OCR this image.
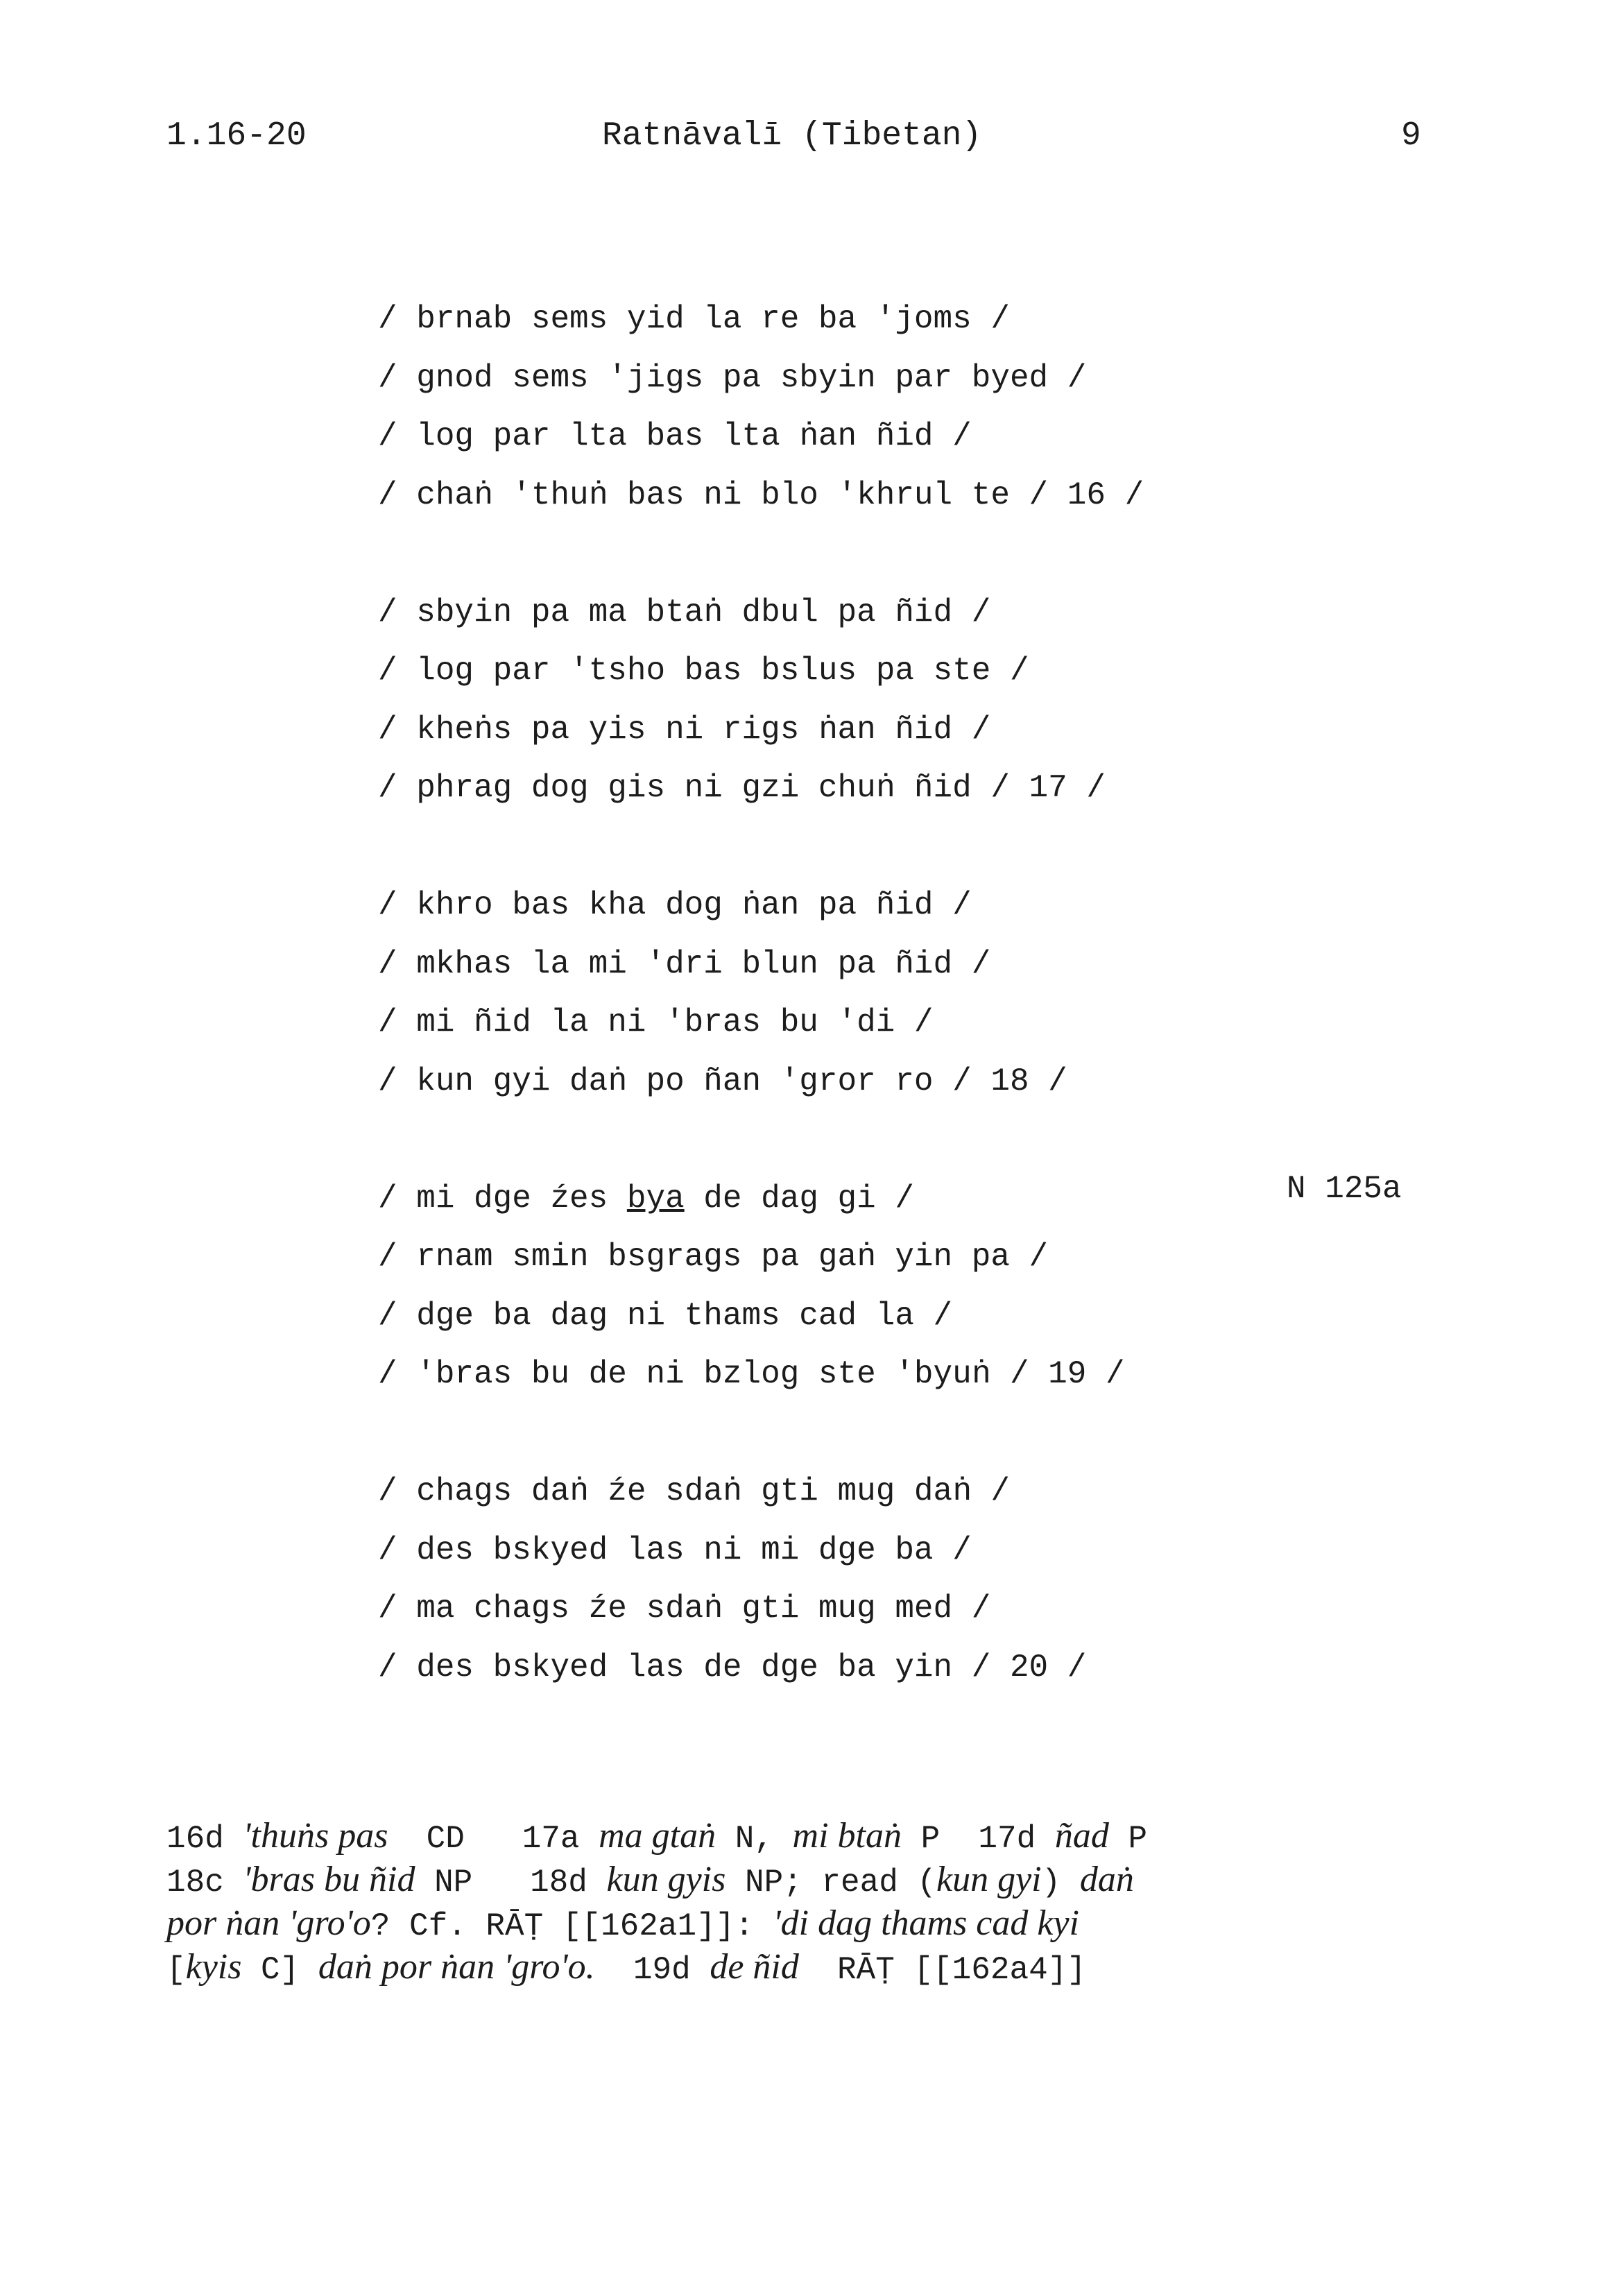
1.16-20	Ratnāvalī (Tibetan)	9
/ brnab sems yid la re ba 'joms /
/ gnod sems 'jigs pa sbyin par byed /
/ log par lta bas lta ṅan ñid /
/ chaṅ 'thuṅ bas ni blo 'khrul te / 16 /
/ sbyin pa ma btaṅ dbul pa ñid /
/ log par 'tsho bas bslus pa ste /
/ kheṅs pa yis ni rigs ṅan ñid /
/ phrag dog gis ni gzi chuṅ ñid / 17 /
/ khro bas kha dog ṅan pa ñid /
/ mkhas la mi 'dri blun pa ñid /
/ mi ñid la ni 'bras bu 'di /
/ kun gyi daṅ po ñan 'gror ro / 18 /
/ mi dge źes bya de dag gi /
/ rnam smin bsgrags pa gaṅ yin pa /
/ dge ba dag ni thams cad la /
/ 'bras bu de ni bzlog ste 'byuṅ / 19 /
/ chags daṅ źe sdaṅ gti mug daṅ /
/ des bskyed las ni mi dge ba /
/ ma chags źe sdaṅ gti mug med /
/ des bskyed las de dge ba yin / 20 /
N 125a
16d 'thuṅs pas  CD   17a ma gtaṅ N, mi btaṅ P  17d ñad P
18c 'bras bu ñid NP   18d kun gyis NP; read (kun gyi) daṅ
por ṅan 'gro'o? Cf. RĀṬ [[162a1]]: 'di dag thams cad kyi
[kyis C] daṅ por ṅan 'gro'o.  19d de ñid  RĀṬ [[162a4]]
